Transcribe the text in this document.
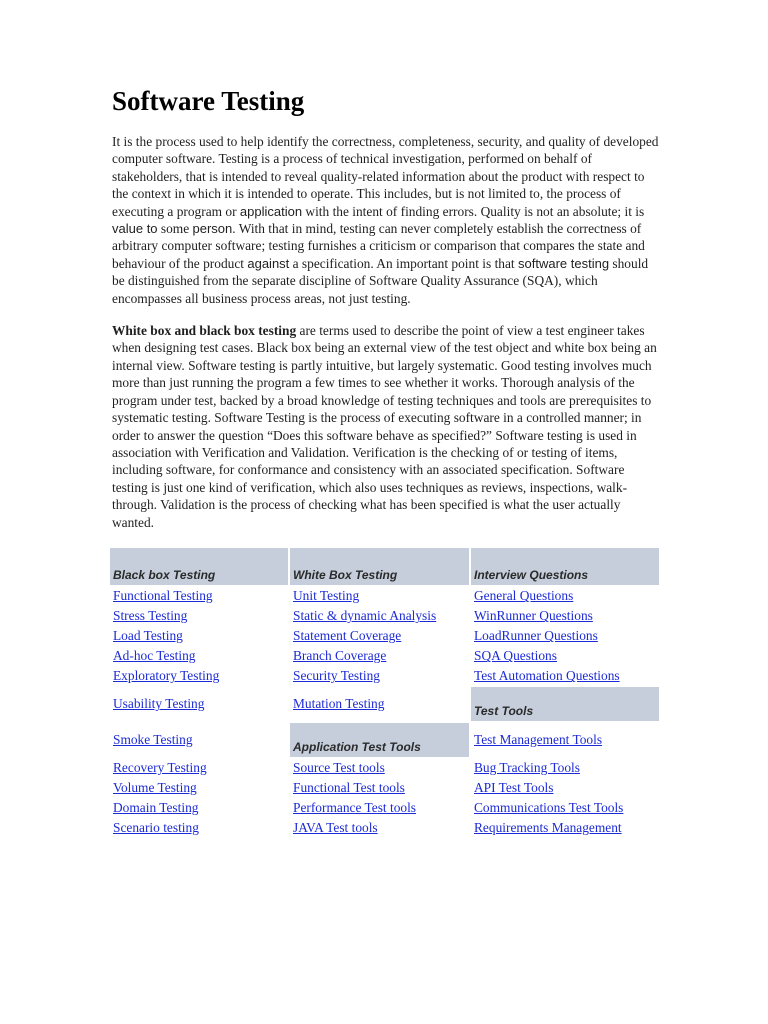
Software Testing

It is the process used to help identify the correctness, completeness, security, and quality of developed computer software. Testing is a process of technical investigation, performed on behalf of stakeholders, that is intended to reveal quality-related information about the product with respect to the context in which it is intended to operate. This includes, but is not limited to, the process of executing a program or application with the intent of finding errors. Quality is not an absolute; it is value to some person. With that in mind, testing can never completely establish the correctness of arbitrary computer software; testing furnishes a criticism or comparison that compares the state and behaviour of the product against a specification. An important point is that software testing should be distinguished from the separate discipline of Software Quality Assurance (SQA), which encompasses all business process areas, not just testing.

White box and black box testing are terms used to describe the point of view a test engineer takes when designing test cases. Black box being an external view of the test object and white box being an internal view. Software testing is partly intuitive, but largely systematic. Good testing involves much more than just running the program a few times to see whether it works. Thorough analysis of the program under test, backed by a broad knowledge of testing techniques and tools are prerequisites to systematic testing. Software Testing is the process of executing software in a controlled manner; in order to answer the question “Does this software behave as specified?” Software testing is used in association with Verification and Validation. Verification is the checking of or testing of items, including software, for conformance and consistency with an associated specification. Software testing is just one kind of verification, which also uses techniques as reviews, inspections, walk-through. Validation is the process of checking what has been specified is what the user actually wanted.

Black box Testing	White Box Testing	Interview Questions
Functional Testing	Unit Testing	General Questions
Stress Testing	Static & dynamic Analysis	WinRunner Questions
Load Testing	Statement Coverage	LoadRunner Questions
Ad-hoc Testing	Branch Coverage	SQA Questions
Exploratory Testing	Security Testing	Test Automation Questions
Usability Testing	Mutation Testing	Test Tools
Smoke Testing	Application Test Tools	Test Management Tools
Recovery Testing	Source Test tools	Bug Tracking Tools
Volume Testing	Functional Test tools	API Test Tools
Domain Testing	Performance Test tools	Communications Test Tools
Scenario testing	JAVA Test tools	Requirements Management
